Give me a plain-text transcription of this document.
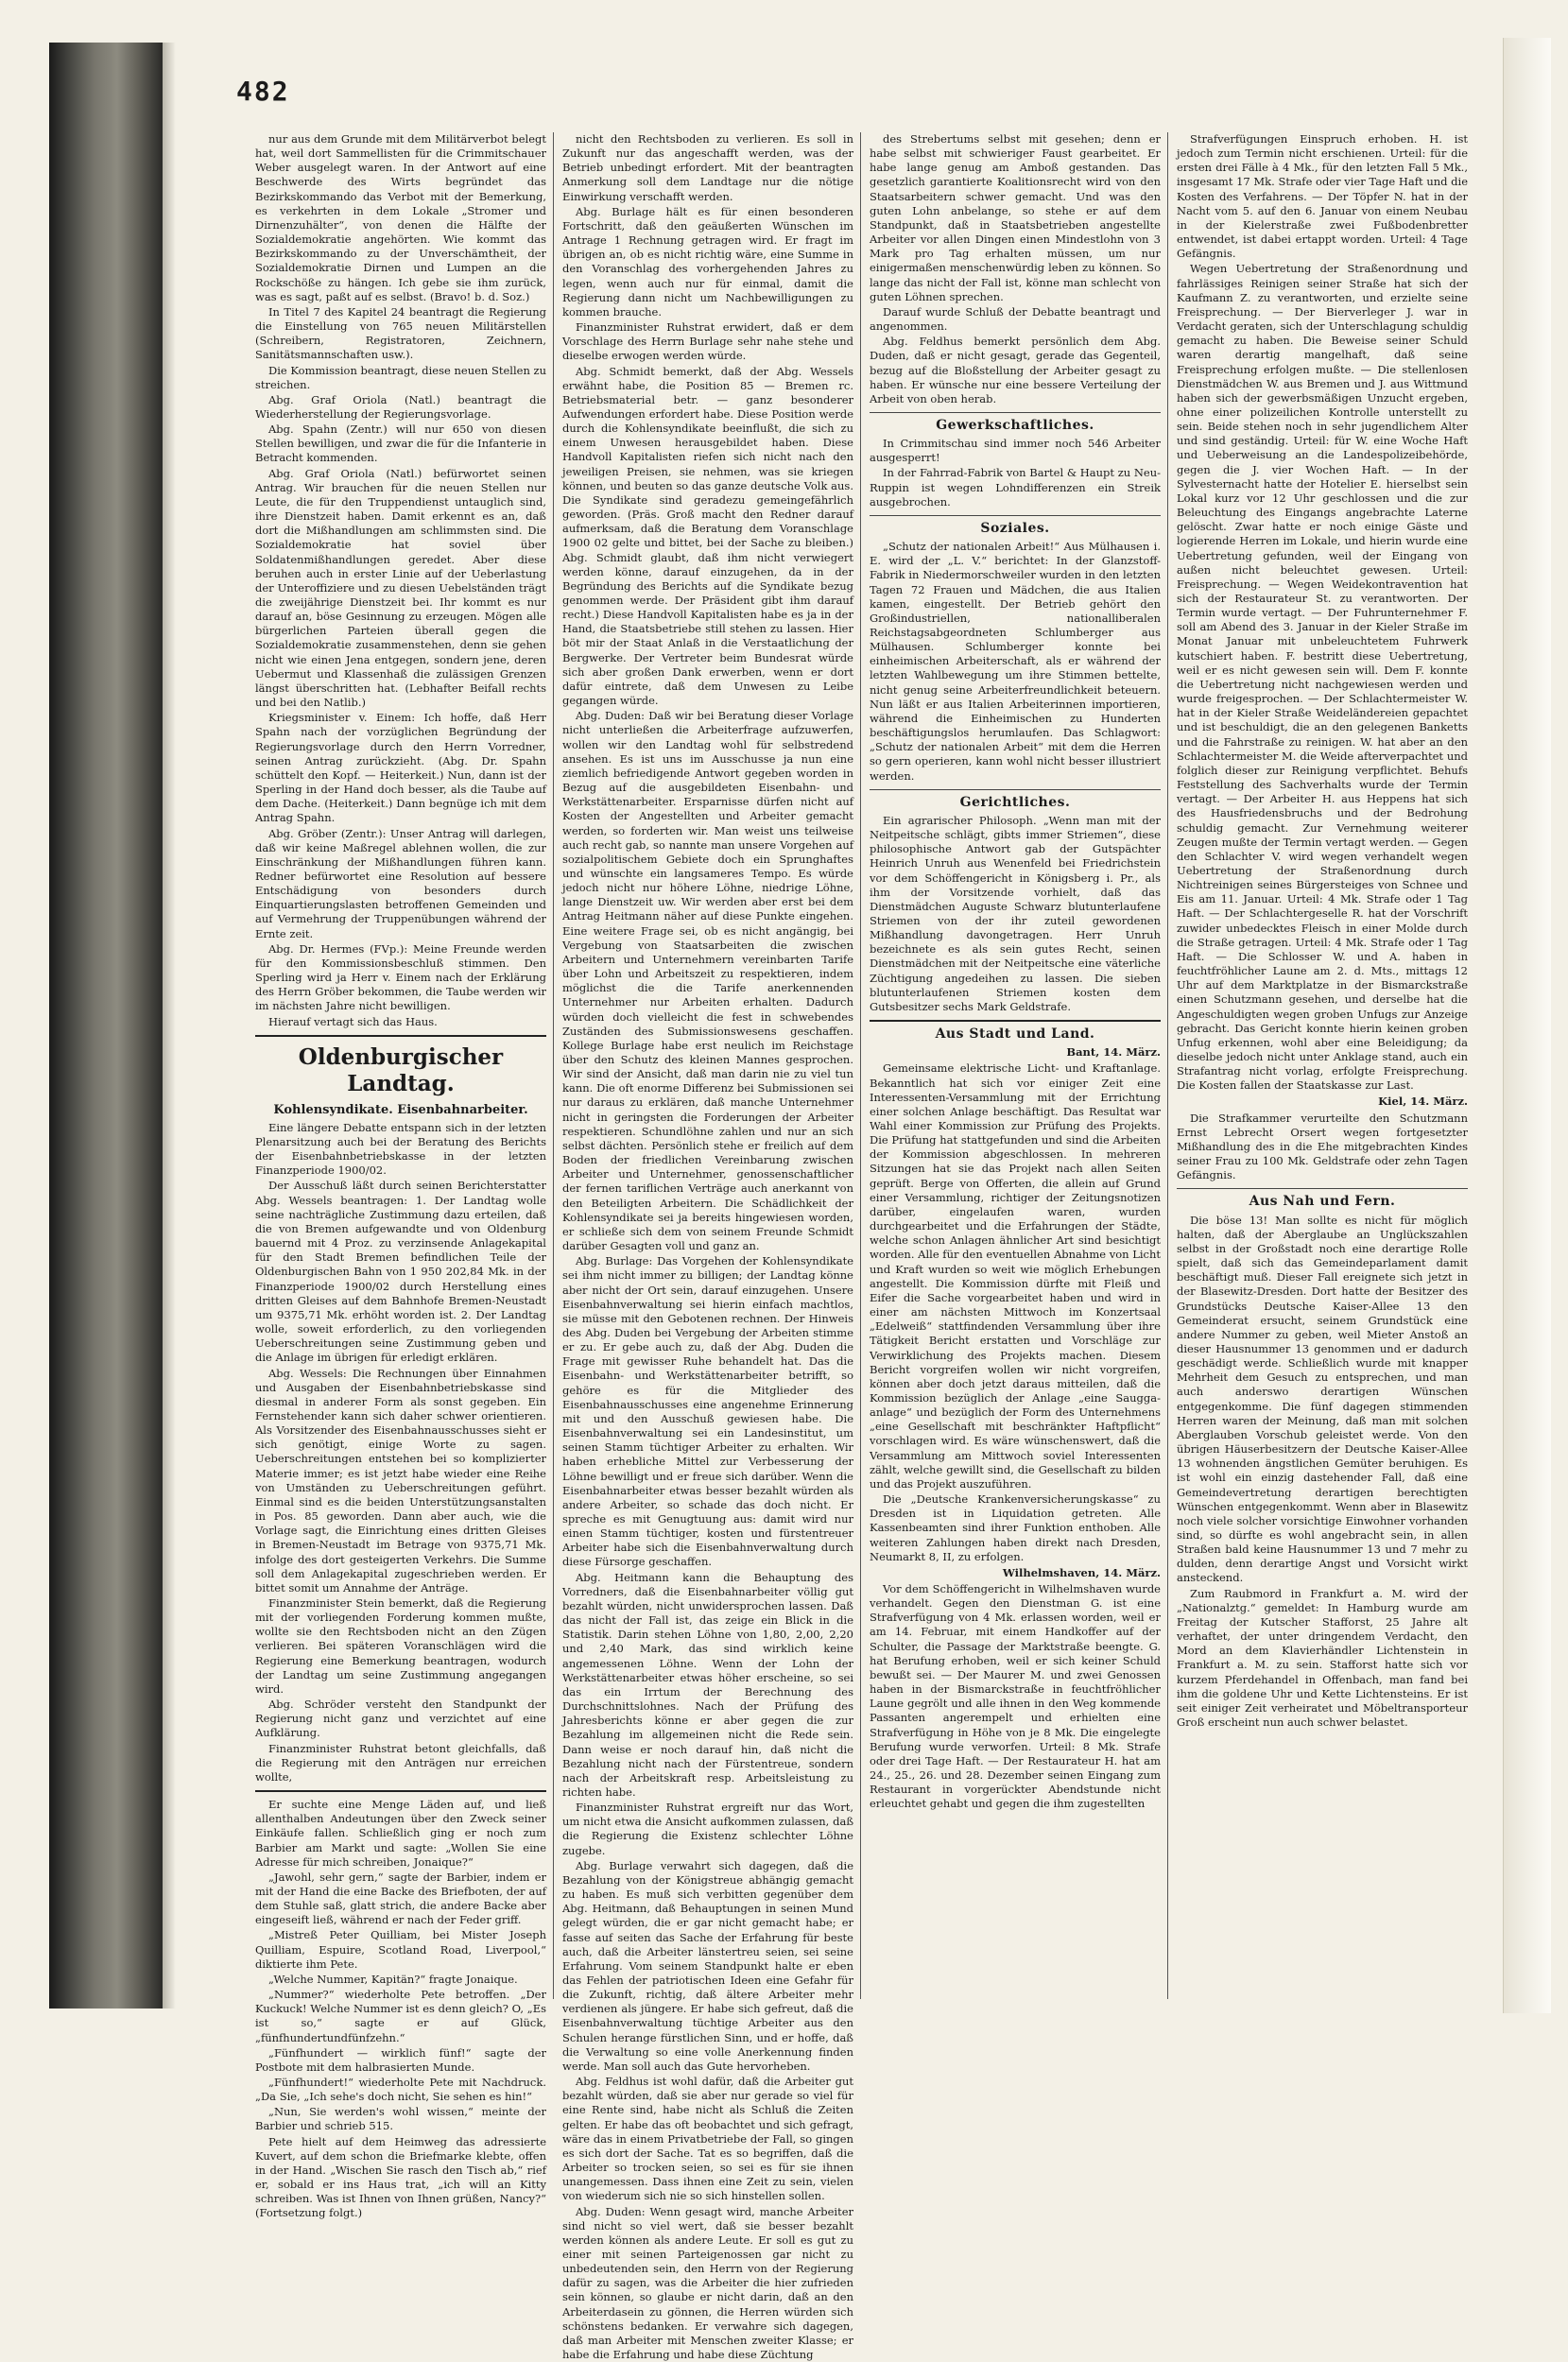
482

nur aus dem Grunde mit dem Militärverbot belegt hat, weil dort Sammellisten für die Crimmitschauer Weber ausgelegt waren. In der Antwort auf eine Beschwerde des Wirts begründet das Bezirkskommando das Verbot mit der Bemerkung, es verkehrten in dem Lokale „Stromer und Dirnenzuhälter“, von denen die Hälfte der Sozialdemokratie angehörten. Wie kommt das Bezirkskommando zu der Unverschämtheit, der Sozialdemokratie Dirnen und Lumpen an die Rockschöße zu hängen. Ich gebe sie ihm zurück, was es sagt, paßt auf es selbst. (Bravo! b. d. Soz.)

In Titel 7 des Kapitel 24 beantragt die Regierung die Einstellung von 765 neuen Militärstellen (Schreibern, Registratoren, Zeichnern, Sanitätsmannschaften usw.).

Die Kommission beantragt, diese neuen Stellen zu streichen.

Abg. Graf Oriola (Natl.) beantragt die Wiederherstellung der Regierungsvorlage.

Abg. Spahn (Zentr.) will nur 650 von diesen Stellen bewilligen, und zwar die für die Infanterie in Betracht kommenden.

Abg. Graf Oriola (Natl.) befürwortet seinen Antrag. Wir brauchen für die neuen Stellen nur Leute, die für den Truppendienst untauglich sind, ihre Dienstzeit haben. Damit erkennt es an, daß dort die Mißhandlungen am schlimmsten sind. Die Sozialdemokratie hat soviel über Soldatenmißhandlungen geredet. Aber diese beruhen auch in erster Linie auf der Ueberlastung der Unteroffiziere und zu diesen Uebelständen trägt die zweijährige Dienstzeit bei. Ihr kommt es nur darauf an, böse Gesinnung zu erzeugen. Mögen alle bürgerlichen Parteien überall gegen die Sozialdemokratie zusammenstehen, denn sie gehen nicht wie einen Jena entgegen, sondern jene, deren Uebermut und Klassenhaß die zulässigen Grenzen längst überschritten hat. (Lebhafter Beifall rechts und bei den Natlib.)

Kriegsminister v. Einem: Ich hoffe, daß Herr Spahn nach der vorzüglichen Begründung der Regierungsvorlage durch den Herrn Vorredner, seinen Antrag zurückzieht. (Abg. Dr. Spahn schüttelt den Kopf. — Heiterkeit.) Nun, dann ist der Sperling in der Hand doch besser, als die Taube auf dem Dache. (Heiterkeit.) Dann begnüge ich mit dem Antrag Spahn.

Abg. Gröber (Zentr.): Unser Antrag will darlegen, daß wir keine Maßregel ablehnen wollen, die zur Einschränkung der Mißhandlungen führen kann. Redner befürwortet eine Resolution auf bessere Entschädigung von besonders durch Einquartierungslasten betroffenen Gemeinden und auf Vermehrung der Truppenübungen während der Ernte zeit.

Abg. Dr. Hermes (FVp.): Meine Freunde werden für den Kommissionsbeschluß stimmen. Den Sperling wird ja Herr v. Einem nach der Erklärung des Herrn Gröber bekommen, die Taube werden wir im nächsten Jahre nicht bewilligen.

Hierauf vertagt sich das Haus.

Oldenburgischer Landtag.
Kohlensyndikate. Eisenbahnarbeiter.

Eine längere Debatte entspann sich in der letzten Plenarsitzung auch bei der Beratung des Berichts der Eisenbahnbetriebskasse in der letzten Finanzperiode 1900/02.

Der Ausschuß läßt durch seinen Berichterstatter Abg. Wessels beantragen: 1. Der Landtag wolle seine nachträgliche Zustimmung dazu erteilen, daß die von Bremen aufgewandte und von Oldenburg bauernd mit 4 Proz. zu verzinsende Anlagekapital für den Stadt Bremen befindlichen Teile der Oldenburgischen Bahn von 1 950 202,84 Mk. in der Finanzperiode 1900/02 durch Herstellung eines dritten Gleises auf dem Bahnhofe Bremen-Neustadt um 9375,71 Mk. erhöht worden ist. 2. Der Landtag wolle, soweit erforderlich, zu den vorliegenden Ueberschreitungen seine Zustimmung geben und die Anlage im übrigen für erledigt erklären.

Abg. Wessels: Die Rechnungen über Einnahmen und Ausgaben der Eisenbahnbetriebskasse sind diesmal in anderer Form als sonst gegeben. Ein Fernstehender kann sich daher schwer orientieren. Als Vorsitzender des Eisenbahnausschusses sieht er sich genötigt, einige Worte zu sagen. Ueberschreitungen entstehen bei so komplizierter Materie immer; es ist jetzt habe wieder eine Reihe von Umständen zu Ueberschreitungen geführt. Einmal sind es die beiden Unterstützungsanstalten in Pos. 85 geworden. Dann aber auch, wie die Vorlage sagt, die Einrichtung eines dritten Gleises in Bremen-Neustadt im Betrage von 9375,71 Mk. infolge des dort gesteigerten Verkehrs. Die Summe soll dem Anlagekapital zugeschrieben werden. Er bittet somit um Annahme der Anträge.

Finanzminister Stein bemerkt, daß die Regierung mit der vorliegenden Forderung kommen mußte, wollte sie den Rechtsboden nicht an den Zügen verlieren. Bei späteren Voranschlägen wird die Regierung eine Bemerkung beantragen, wodurch der Landtag um seine Zustimmung angegangen wird.

Abg. Schröder versteht den Standpunkt der Regierung nicht ganz und verzichtet auf eine Aufklärung.

Finanzminister Ruhstrat betont gleichfalls, daß die Regierung mit den Anträgen nur erreichen wollte,

Er suchte eine Menge Läden auf, und ließ allenthalben Andeutungen über den Zweck seiner Einkäufe fallen. Schließlich ging er noch zum Barbier am Markt und sagte: „Wollen Sie eine Adresse für mich schreiben, Jonaique?“

„Jawohl, sehr gern,“ sagte der Barbier, indem er mit der Hand die eine Backe des Briefboten, der auf dem Stuhle saß, glatt strich, die andere Backe aber eingeseift ließ, während er nach der Feder griff.

„Mistreß Peter Quilliam, bei Mister Joseph Quilliam, Espuire, Scotland Road, Liverpool,“ diktierte ihm Pete.

„Welche Nummer, Kapitän?“ fragte Jonaique.

„Nummer?“ wiederholte Pete betroffen. „Der Kuckuck! Welche Nummer ist es denn gleich? O, „Es ist so,“ sagte er auf Glück, „fünfhundertundfünfzehn.“

„Fünfhundert — wirklich fünf!“ sagte der Postbote mit dem halbrasierten Munde.

„Fünfhundert!“ wiederholte Pete mit Nachdruck. „Da Sie, „Ich sehe's doch nicht, Sie sehen es hin!“

„Nun, Sie werden's wohl wissen,“ meinte der Barbier und schrieb 515.

Pete hielt auf dem Heimweg das adressierte Kuvert, auf dem schon die Briefmarke klebte, offen in der Hand. „Wischen Sie rasch den Tisch ab,“ rief er, sobald er ins Haus trat, „ich will an Kitty schreiben. Was ist Ihnen von Ihnen grüßen, Nancy?“ (Fortsetzung folgt.)

nicht den Rechtsboden zu verlieren. Es soll in Zukunft nur das angeschafft werden, was der Betrieb unbedingt erfordert. Mit der beantragten Anmerkung soll dem Landtage nur die nötige Einwirkung verschafft werden.

Abg. Burlage hält es für einen besonderen Fortschritt, daß den geäußerten Wünschen im Antrage 1 Rechnung getragen wird. Er fragt im übrigen an, ob es nicht richtig wäre, eine Summe in den Voranschlag des vorhergehenden Jahres zu legen, wenn auch nur für einmal, damit die Regierung dann nicht um Nachbewilligungen zu kommen brauche.

Finanzminister Ruhstrat erwidert, daß er dem Vorschlage des Herrn Burlage sehr nahe stehe und dieselbe erwogen werden würde.

Abg. Schmidt bemerkt, daß der Abg. Wessels erwähnt habe, die Position 85 — Bremen rc. Betriebsmaterial betr. — ganz besonderer Aufwendungen erfordert habe. Diese Position werde durch die Kohlensyndikate beeinflußt, die sich zu einem Unwesen herausgebildet haben. Diese Handvoll Kapitalisten riefen sich nicht nach den jeweiligen Preisen, sie nehmen, was sie kriegen können, und beuten so das ganze deutsche Volk aus. Die Syndikate sind geradezu gemeingefährlich geworden. (Präs. Groß macht den Redner darauf aufmerksam, daß die Beratung dem Voranschlage 1900 02 gelte und bittet, bei der Sache zu bleiben.) Abg. Schmidt glaubt, daß ihm nicht verwiegert werden könne, darauf einzugehen, da in der Begründung des Berichts auf die Syndikate bezug genommen werde. Der Präsident gibt ihm darauf recht.) Diese Handvoll Kapitalisten habe es ja in der Hand, die Staatsbetriebe still stehen zu lassen. Hier böt mir der Staat Anlaß in die Verstaatlichung der Bergwerke. Der Vertreter beim Bundesrat würde sich aber großen Dank erwerben, wenn er dort dafür eintrete, daß dem Unwesen zu Leibe gegangen würde.

Abg. Duden: Daß wir bei Beratung dieser Vorlage nicht unterließen die Arbeiterfrage aufzuwerfen, wollen wir den Landtag wohl für selbstredend ansehen. Es ist uns im Ausschusse ja nun eine ziemlich befriedigende Antwort gegeben worden in Bezug auf die ausgebildeten Eisenbahn- und Werkstättenarbeiter. Ersparnisse dürfen nicht auf Kosten der Angestellten und Arbeiter gemacht werden, so forderten wir. Man weist uns teilweise auch recht gab, so nannte man unsere Vorgehen auf sozialpolitischem Gebiete doch ein Sprunghaftes und wünschte ein langsameres Tempo. Es würde jedoch nicht nur höhere Löhne, niedrige Löhne, lange Dienstzeit uw. Wir werden aber erst bei dem Antrag Heitmann näher auf diese Punkte eingehen. Eine weitere Frage sei, ob es nicht angängig, bei Vergebung von Staatsarbeiten die zwischen Arbeitern und Unternehmern vereinbarten Tarife über Lohn und Arbeitszeit zu respektieren, indem möglichst die die Tarife anerkennenden Unternehmer nur Arbeiten erhalten. Dadurch würden doch vielleicht die fest in schwebendes Zuständen des Submissionswesens geschaffen. Kollege Burlage habe erst neulich im Reichstage über den Schutz des kleinen Mannes gesprochen. Wir sind der Ansicht, daß man darin nie zu viel tun kann. Die oft enorme Differenz bei Submissionen sei nur daraus zu erklären, daß manche Unternehmer nicht in geringsten die Forderungen der Arbeiter respektieren. Schundlöhne zahlen und nur an sich selbst dächten. Persönlich stehe er freilich auf dem Boden der friedlichen Vereinbarung zwischen Arbeiter und Unternehmer, genossenschaftlicher der fernen tariflichen Verträge auch anerkannt von den Beteiligten Arbeitern. Die Schädlichkeit der Kohlensyndikate sei ja bereits hingewiesen worden, er schließe sich dem von seinem Freunde Schmidt darüber Gesagten voll und ganz an.

Abg. Burlage: Das Vorgehen der Kohlensyndikate sei ihm nicht immer zu billigen; der Landtag könne aber nicht der Ort sein, darauf einzugehen. Unsere Eisenbahnverwaltung sei hierin einfach machtlos, sie müsse mit den Gebotenen rechnen. Der Hinweis des Abg. Duden bei Vergebung der Arbeiten stimme er zu. Er gebe auch zu, daß der Abg. Duden die Frage mit gewisser Ruhe behandelt hat. Das die Eisenbahn- und Werkstättenarbeiter betrifft, so gehöre es für die Mitglieder des Eisenbahnausschusses eine angenehme Erinnerung mit und den Ausschuß gewiesen habe. Die Eisenbahnverwaltung sei ein Landesinstitut, um seinen Stamm tüchtiger Arbeiter zu erhalten. Wir haben erhebliche Mittel zur Verbesserung der Löhne bewilligt und er freue sich darüber. Wenn die Eisenbahnarbeiter etwas besser bezahlt würden als andere Arbeiter, so schade das doch nicht. Er spreche es mit Genugtuung aus: damit wird nur einen Stamm tüchtiger, kosten und fürstentreuer Arbeiter habe sich die Eisenbahnverwaltung durch diese Fürsorge geschaffen.

Abg. Heitmann kann die Behauptung des Vorredners, daß die Eisenbahnarbeiter völlig gut bezahlt würden, nicht unwidersprochen lassen. Daß das nicht der Fall ist, das zeige ein Blick in die Statistik. Darin stehen Löhne von 1,80, 2,00, 2,20 und 2,40 Mark, das sind wirklich keine angemessenen Löhne. Wenn der Lohn der Werkstättenarbeiter etwas höher erscheine, so sei das ein Irrtum der Berechnung des Durchschnittslohnes. Nach der Prüfung des Jahresberichts könne er aber gegen die zur Bezahlung im allgemeinen nicht die Rede sein. Dann weise er noch darauf hin, daß nicht die Bezahlung nicht nach der Fürstentreue, sondern nach der Arbeitskraft resp. Arbeitsleistung zu richten habe.

Finanzminister Ruhstrat ergreift nur das Wort, um nicht etwa die Ansicht aufkommen zulassen, daß die Regierung die Existenz schlechter Löhne zugebe.

Abg. Burlage verwahrt sich dagegen, daß die Bezahlung von der Königstreue abhängig gemacht zu haben. Es muß sich verbitten gegenüber dem Abg. Heitmann, daß Behauptungen in seinen Mund gelegt würden, die er gar nicht gemacht habe; er fasse auf seiten das Sache der Erfahrung für beste auch, daß die Arbeiter länstertreu seien, sei seine Erfahrung. Vom seinem Standpunkt halte er eben das Fehlen der patriotischen Ideen eine Gefahr für die Zukunft, richtig, daß ältere Arbeiter mehr verdienen als jüngere. Er habe sich gefreut, daß die Eisenbahnverwaltung tüchtige Arbeiter aus den Schulen herange fürstlichen Sinn, und er hoffe, daß die Verwaltung so eine volle Anerkennung finden werde. Man soll auch das Gute hervorheben.

Abg. Feldhus ist wohl dafür, daß die Arbeiter gut bezahlt würden, daß sie aber nur gerade so viel für eine Rente sind, habe nicht als Schluß die Zeiten gelten. Er habe das oft beobachtet und sich gefragt, wäre das in einem Privatbetriebe der Fall, so gingen es sich dort der Sache. Tat es so begriffen, daß die Arbeiter so trocken seien, so sei es für sie ihnen unangemessen. Dass ihnen eine Zeit zu sein, vielen von wiederum sich nie so sich hinstellen sollen.

Abg. Duden: Wenn gesagt wird, manche Arbeiter sind nicht so viel wert, daß sie besser bezahlt werden können als andere Leute. Er soll es gut zu einer mit seinen Parteigenossen gar nicht zu unbedeutenden sein, den Herrn von der Regierung dafür zu sagen, was die Arbeiter die hier zufrieden sein können, so glaube er nicht darin, daß an den Arbeiterdasein zu gönnen, die Herren würden sich schönstens bedanken. Er verwahre sich dagegen, daß man Arbeiter mit Menschen zweiter Klasse; er habe die Erfahrung und habe diese Züchtung

des Strebertums selbst mit gesehen; denn er habe selbst mit schwieriger Faust gearbeitet. Er habe lange genug am Amboß gestanden. Das gesetzlich garantierte Koalitionsrecht wird von den Staatsarbeitern schwer gemacht. Und was den guten Lohn anbelange, so stehe er auf dem Standpunkt, daß in Staatsbetrieben angestellte Arbeiter vor allen Dingen einen Mindestlohn von 3 Mark pro Tag erhalten müssen, um nur einigermaßen menschenwürdig leben zu können. So lange das nicht der Fall ist, könne man schlecht von guten Löhnen sprechen.

Darauf wurde Schluß der Debatte beantragt und angenommen.

Abg. Feldhus bemerkt persönlich dem Abg. Duden, daß er nicht gesagt, gerade das Gegenteil, bezug auf die Bloßstellung der Arbeiter gesagt zu haben. Er wünsche nur eine bessere Verteilung der Arbeit von oben herab.

Gewerkschaftliches.

In Crimmitschau sind immer noch 546 Arbeiter ausgesperrt!

In der Fahrrad-Fabrik von Bartel & Haupt zu Neu-Ruppin ist wegen Lohndifferenzen ein Streik ausgebrochen.

Soziales.

„Schutz der nationalen Arbeit!“ Aus Mülhausen i. E. wird der „L. V.“ berichtet: In der Glanzstoff-Fabrik in Niedermorschweiler wurden in den letzten Tagen 72 Frauen und Mädchen, die aus Italien kamen, eingestellt. Der Betrieb gehört den Großindustriellen, nationalliberalen Reichstagsabgeordneten Schlumberger aus Mülhausen. Schlumberger konnte bei einheimischen Arbeiterschaft, als er während der letzten Wahlbewegung um ihre Stimmen bettelte, nicht genug seine Arbeiterfreundlichkeit beteuern. Nun läßt er aus Italien Arbeiterinnen importieren, während die Einheimischen zu Hunderten beschäftigungslos herumlaufen. Das Schlagwort: „Schutz der nationalen Arbeit“ mit dem die Herren so gern operieren, kann wohl nicht besser illustriert werden.

Gerichtliches.

Ein agrarischer Philosoph. „Wenn man mit der Neitpeitsche schlägt, gibts immer Striemen“, diese philosophische Antwort gab der Gutspächter Heinrich Unruh aus Wenenfeld bei Friedrichstein vor dem Schöffengericht in Königsberg i. Pr., als ihm der Vorsitzende vorhielt, daß das Dienstmädchen Auguste Schwarz blutunterlaufene Striemen von der ihr zuteil gewordenen Mißhandlung davongetragen. Herr Unruh bezeichnete es als sein gutes Recht, seinen Dienstmädchen mit der Neitpeitsche eine väterliche Züchtigung angedeihen zu lassen. Die sieben blutunterlaufenen Striemen kosten dem Gutsbesitzer sechs Mark Geldstrafe.

Aus Stadt und Land.
Bant, 14. März.

Gemeinsame elektrische Licht- und Kraftanlage. Bekanntlich hat sich vor einiger Zeit eine Interessenten-Versammlung mit der Errichtung einer solchen Anlage beschäftigt. Das Resultat war Wahl einer Kommission zur Prüfung des Projekts. Die Prüfung hat stattgefunden und sind die Arbeiten der Kommission abgeschlossen. In mehreren Sitzungen hat sie das Projekt nach allen Seiten geprüft. Berge von Offerten, die allein auf Grund einer Versammlung, richtiger der Zeitungsnotizen darüber, eingelaufen waren, wurden durchgearbeitet und die Erfahrungen der Städte, welche schon Anlagen ähnlicher Art sind besichtigt worden. Alle für den eventuellen Abnahme von Licht und Kraft wurden so weit wie möglich Erhebungen angestellt. Die Kommission dürfte mit Fleiß und Eifer die Sache vorgearbeitet haben und wird in einer am nächsten Mittwoch im Konzertsaal „Edelweiß“ stattfindenden Versammlung über ihre Tätigkeit Bericht erstatten und Vorschläge zur Verwirklichung des Projekts machen. Diesem Bericht vorgreifen wollen wir nicht vorgreifen, können aber doch jetzt daraus mitteilen, daß die Kommission bezüglich der Anlage „eine Saugga-anlage“ und bezüglich der Form des Unternehmens „eine Gesellschaft mit beschränkter Haftpflicht“ vorschlagen wird. Es wäre wünschenswert, daß die Versammlung am Mittwoch soviel Interessenten zählt, welche gewillt sind, die Gesellschaft zu bilden und das Projekt auszuführen.

Die „Deutsche Krankenversicherungskasse“ zu Dresden ist in Liquidation getreten. Alle Kassenbeamten sind ihrer Funktion enthoben. Alle weiteren Zahlungen haben direkt nach Dresden, Neumarkt 8, II, zu erfolgen.

Wilhelmshaven, 14. März.

Vor dem Schöffengericht in Wilhelmshaven wurde verhandelt. Gegen den Dienstman G. ist eine Strafverfügung von 4 Mk. erlassen worden, weil er am 14. Februar, mit einem Handkoffer auf der Schulter, die Passage der Marktstraße beengte. G. hat Berufung erhoben, weil er sich keiner Schuld bewußt sei. — Der Maurer M. und zwei Genossen haben in der Bismarckstraße in feuchtfröhlicher Laune gegrölt und alle ihnen in den Weg kommende Passanten angerempelt und erhielten eine Strafverfügung in Höhe von je 8 Mk. Die eingelegte Berufung wurde verworfen. Urteil: 8 Mk. Strafe oder drei Tage Haft. — Der Restaurateur H. hat am 24., 25., 26. und 28. Dezember seinen Eingang zum Restaurant in vorgerückter Abendstunde nicht erleuchtet gehabt und gegen die ihm zugestellten

Strafverfügungen Einspruch erhoben. H. ist jedoch zum Termin nicht erschienen. Urteil: für die ersten drei Fälle à 4 Mk., für den letzten Fall 5 Mk., insgesamt 17 Mk. Strafe oder vier Tage Haft und die Kosten des Verfahrens. — Der Töpfer N. hat in der Nacht vom 5. auf den 6. Januar von einem Neubau in der Kielerstraße zwei Fußbodenbretter entwendet, ist dabei ertappt worden. Urteil: 4 Tage Gefängnis.

Wegen Uebertretung der Straßenordnung und fahrlässiges Reinigen seiner Straße hat sich der Kaufmann Z. zu verantworten, und erzielte seine Freisprechung. — Der Bierverleger J. war in Verdacht geraten, sich der Unterschlagung schuldig gemacht zu haben. Die Beweise seiner Schuld waren derartig mangelhaft, daß seine Freisprechung erfolgen mußte. — Die stellenlosen Dienstmädchen W. aus Bremen und J. aus Wittmund haben sich der gewerbsmäßigen Unzucht ergeben, ohne einer polizeilichen Kontrolle unterstellt zu sein. Beide stehen noch in sehr jugendlichem Alter und sind geständig. Urteil: für W. eine Woche Haft und Ueberweisung an die Landespolizeibehörde, gegen die J. vier Wochen Haft. — In der Sylvesternacht hatte der Hotelier E. hierselbst sein Lokal kurz vor 12 Uhr geschlossen und die zur Beleuchtung des Eingangs angebrachte Laterne gelöscht. Zwar hatte er noch einige Gäste und logierende Herren im Lokale, und hierin wurde eine Uebertretung gefunden, weil der Eingang von außen nicht beleuchtet gewesen. Urteil: Freisprechung. — Wegen Weidekontravention hat sich der Restaurateur St. zu verantworten. Der Termin wurde vertagt. — Der Fuhrunternehmer F. soll am Abend des 3. Januar in der Kieler Straße im Monat Januar mit unbeleuchtetem Fuhrwerk kutschiert haben. F. bestritt diese Uebertretung, weil er es nicht gewesen sein will. Dem F. konnte die Uebertretung nicht nachgewiesen werden und wurde freigesprochen. — Der Schlachtermeister W. hat in der Kieler Straße Weideländereien gepachtet und ist beschuldigt, die an den gelegenen Banketts und die Fahrstraße zu reinigen. W. hat aber an den Schlachtermeister M. die Weide afterverpachtet und folglich dieser zur Reinigung verpflichtet. Behufs Feststellung des Sachverhalts wurde der Termin vertagt. — Der Arbeiter H. aus Heppens hat sich des Hausfriedensbruchs und der Bedrohung schuldig gemacht. Zur Vernehmung weiterer Zeugen mußte der Termin vertagt werden. — Gegen den Schlachter V. wird wegen verhandelt wegen Uebertretung der Straßenordnung durch Nichtreinigen seines Bürgersteiges von Schnee und Eis am 11. Januar. Urteil: 4 Mk. Strafe oder 1 Tag Haft. — Der Schlachtergeselle R. hat der Vorschrift zuwider unbedecktes Fleisch in einer Molde durch die Straße getragen. Urteil: 4 Mk. Strafe oder 1 Tag Haft. — Die Schlosser W. und A. haben in feuchtfröhlicher Laune am 2. d. Mts., mittags 12 Uhr auf dem Marktplatze in der Bismarckstraße einen Schutzmann gesehen, und derselbe hat die Angeschuldigten wegen groben Unfugs zur Anzeige gebracht. Das Gericht konnte hierin keinen groben Unfug erkennen, wohl aber eine Beleidigung; da dieselbe jedoch nicht unter Anklage stand, auch ein Strafantrag nicht vorlag, erfolgte Freisprechung. Die Kosten fallen der Staatskasse zur Last.

Kiel, 14. März.

Die Strafkammer verurteilte den Schutzmann Ernst Lebrecht Orsert wegen fortgesetzter Mißhandlung des in die Ehe mitgebrachten Kindes seiner Frau zu 100 Mk. Geldstrafe oder zehn Tagen Gefängnis.

Aus Nah und Fern.

Die böse 13! Man sollte es nicht für möglich halten, daß der Aberglaube an Unglückszahlen selbst in der Großstadt noch eine derartige Rolle spielt, daß sich das Gemeindeparlament damit beschäftigt muß. Dieser Fall ereignete sich jetzt in der Blasewitz-Dresden. Dort hatte der Besitzer des Grundstücks Deutsche Kaiser-Allee 13 den Gemeinderat ersucht, seinem Grundstück eine andere Nummer zu geben, weil Mieter Anstoß an dieser Hausnummer 13 genommen und er dadurch geschädigt werde. Schließlich wurde mit knapper Mehrheit dem Gesuch zu entsprechen, und man auch anderswo derartigen Wünschen entgegenkomme. Die fünf dagegen stimmenden Herren waren der Meinung, daß man mit solchen Aberglauben Vorschub geleistet werde. Von den übrigen Häuserbesitzern der Deutsche Kaiser-Allee 13 wohnenden ängstlichen Gemüter beruhigen. Es ist wohl ein einzig dastehender Fall, daß eine Gemeindevertretung derartigen berechtigten Wünschen entgegenkommt. Wenn aber in Blasewitz noch viele solcher vorsichtige Einwohner vorhanden sind, so dürfte es wohl angebracht sein, in allen Straßen bald keine Hausnummer 13 und 7 mehr zu dulden, denn derartige Angst und Vorsicht wirkt ansteckend.

Zum Raubmord in Frankfurt a. M. wird der „Nationalztg.“ gemeldet: In Hamburg wurde am Freitag der Kutscher Stafforst, 25 Jahre alt verhaftet, der unter dringendem Verdacht, den Mord an dem Klavierhändler Lichtenstein in Frankfurt a. M. zu sein. Stafforst hatte sich vor kurzem Pferdehandel in Offenbach, man fand bei ihm die goldene Uhr und Kette Lichtensteins. Er ist seit einiger Zeit verheiratet und Möbeltransporteur Groß erscheint nun auch schwer belastet.
